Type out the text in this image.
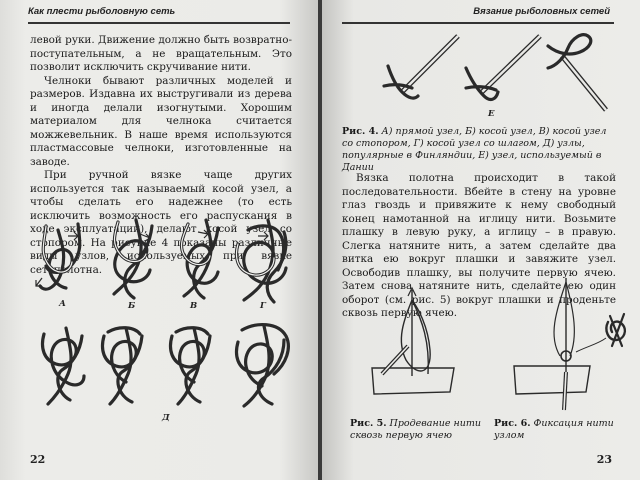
Как плести рыболовную сеть

левой руки. Движение должно быть возвратно-поступательным, а не вращательным. Это позволит исключить скручивание нити.

Челноки бывают различных моделей и размеров. Издавна их выстругивали из дерева и иногда делали изогнутыми. Хорошим материалом для челнока считается можжевельник. В наше время используются пластмассовые челноки, изготовленные на заводе.

При ручной вязке чаще других используется так называемый косой узел, а чтобы сделать его надежнее (то есть исключить возможность его распускания в ходе эксплуатации), делают косой узел со стопором. На рисунке 4 показаны различные виды узлов, используемых при вязке сетеполотна.

А	Б	В	Г
Д
22
Вязание рыболовных сетей
Е
Рис. 4. А) прямой узел, Б) косой узел, В) косой узел со стопором, Г) косой узел со шлагом, Д) узлы, популярные в Финляндии, Е) узел, используемый в Дании

Вязка полотна происходит в такой последовательности. Вбейте в стену на уровне глаз гвоздь и привяжите к нему свободный конец намотанной на иглицу нити. Возьмите плашку в левую руку, а иглицу – в правую. Слегка натяните нить, а затем сделайте два витка ею вокруг плашки и завяжите узел. Освободив плашку, вы получите первую ячею. Затем снова натяните нить, сделайте ею один оборот (см. рис. 5) вокруг плашки и проденьте сквозь первую ячею.

Рис. 5. Продевание нити сквозь первую ячею
Рис. 6. Фиксация нити узлом
23
